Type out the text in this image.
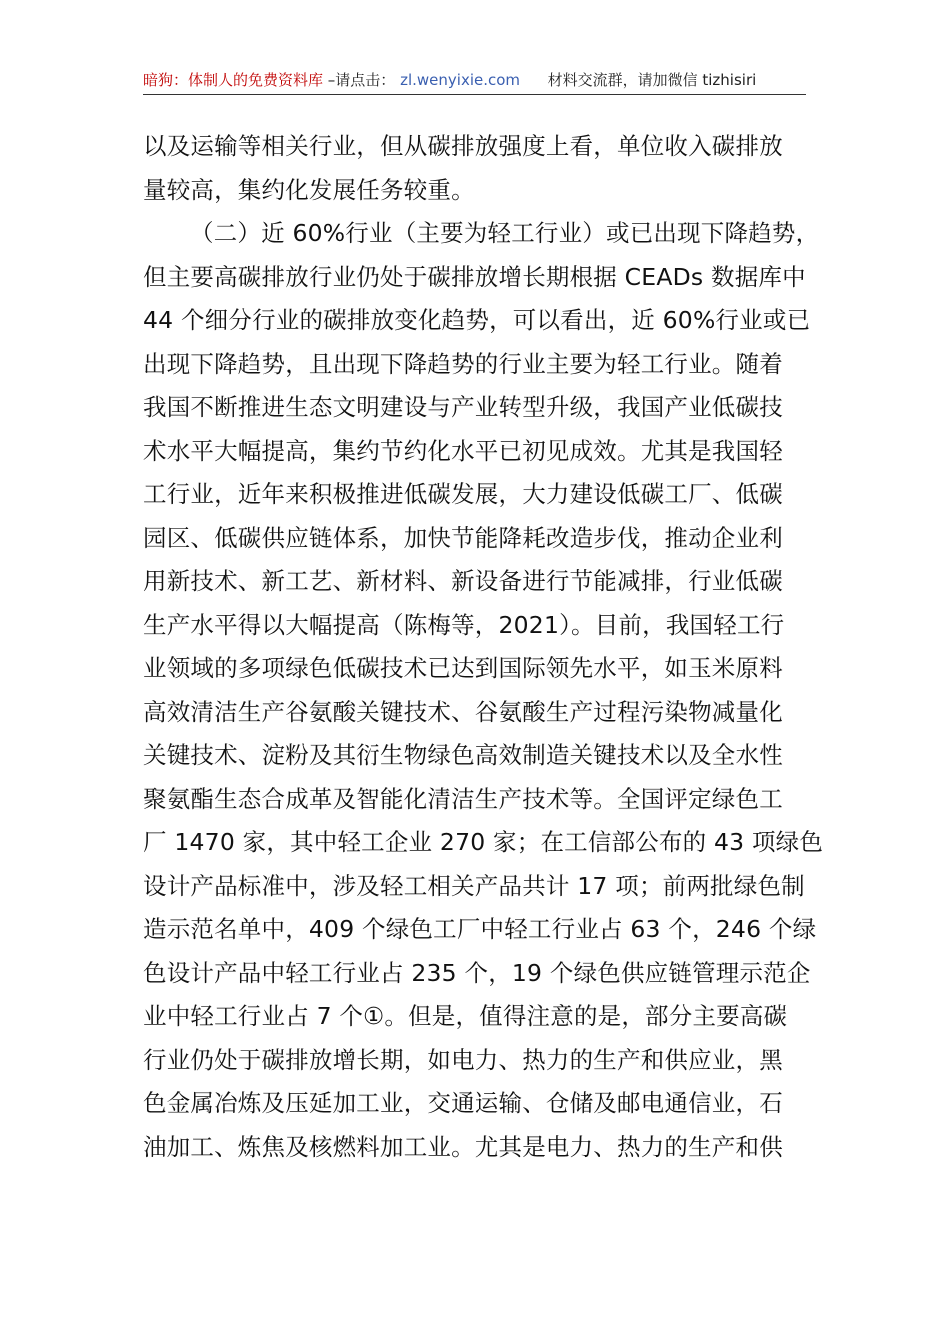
暗狗：体制人的免费资料库 –请点击： zl.wenyixie.com 材料交流群，请加微信 tizhisiri
以及运输等相关行业，但从碳排放强度上看，单位收入碳排放
量较高，集约化发展任务较重。
（二）近 60%行业（主要为轻工行业）或已出现下降趋势，
但主要高碳排放行业仍处于碳排放增长期根据 CEADs 数据库中
44 个细分行业的碳排放变化趋势，可以看出，近 60%行业或已
出现下降趋势，且出现下降趋势的行业主要为轻工行业。随着
我国不断推进生态文明建设与产业转型升级，我国产业低碳技
术水平大幅提高，集约节约化水平已初见成效。尤其是我国轻
工行业，近年来积极推进低碳发展，大力建设低碳工厂、低碳
园区、低碳供应链体系，加快节能降耗改造步伐，推动企业利
用新技术、新工艺、新材料、新设备进行节能减排，行业低碳
生产水平得以大幅提高（陈梅等，2021）。目前，我国轻工行
业领域的多项绿色低碳技术已达到国际领先水平，如玉米原料
高效清洁生产谷氨酸关键技术、谷氨酸生产过程污染物减量化
关键技术、淀粉及其衍生物绿色高效制造关键技术以及全水性
聚氨酯生态合成革及智能化清洁生产技术等。全国评定绿色工
厂 1470 家，其中轻工企业 270 家；在工信部公布的 43 项绿色
设计产品标准中，涉及轻工相关产品共计 17 项；前两批绿色制
造示范名单中，409 个绿色工厂中轻工行业占 63 个，246 个绿
色设计产品中轻工行业占 235 个，19 个绿色供应链管理示范企
业中轻工行业占 7 个①。但是，值得注意的是，部分主要高碳
行业仍处于碳排放增长期，如电力、热力的生产和供应业，黑
色金属冶炼及压延加工业，交通运输、仓储及邮电通信业，石
油加工、炼焦及核燃料加工业。尤其是电力、热力的生产和供
